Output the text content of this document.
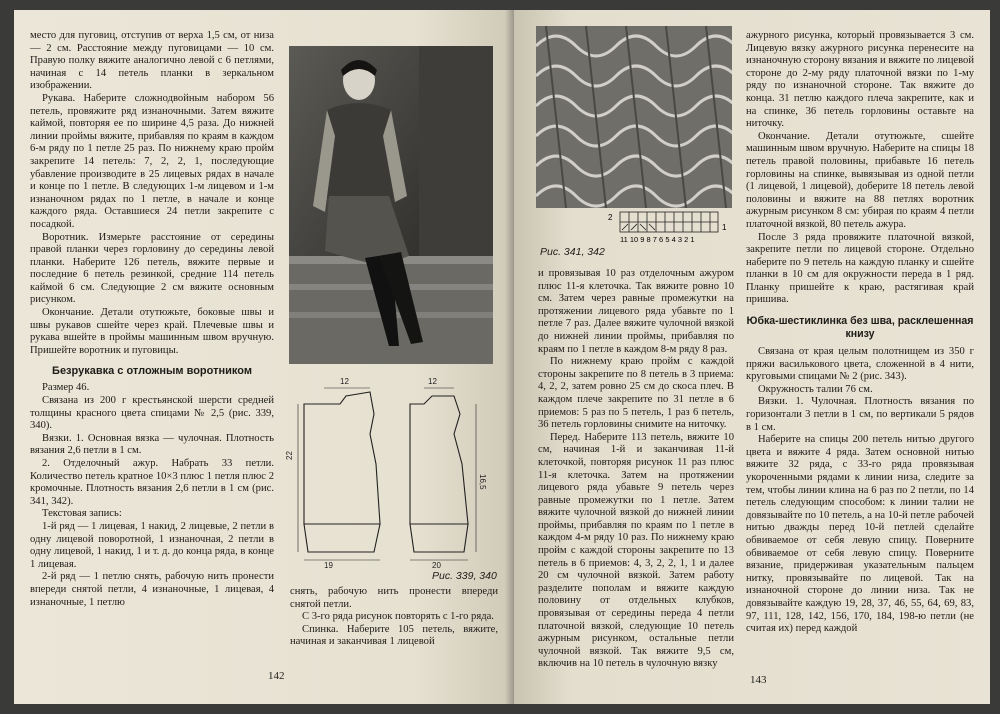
место для пуговиц, отступив от верха 1,5 см, от низа — 2 см. Расстояние между пуговицами — 10 см. Правую полку вяжите аналогично левой с 6 петлями, начиная с 14 петель планки в зеркальном изображении.

Рукава. Наберите сложнодвойным набором 56 петель, провяжите ряд изнаночными. Затем вяжите каймой, повторяя ее по ширине 4,5 раза. До нижней линии проймы вяжите, прибавляя по краям в каждом 6-м ряду по 1 петле 25 раз. По нижнему краю пройм закрепите 14 петель: 7, 2, 2, 1, последующие убавление производите в 25 лицевых рядах в начале и конце по 1 петле. В следующих 1-м лицевом и 1-м изнаночном рядах по 1 петле, в начале и конце каждого ряда. Оставшиеся 24 петли закрепите с посадкой.

Воротник. Измерьте расстояние от середины правой планки через горловину до середины левой планки. Наберите 126 петель, вяжите первые и последние 6 петель резинкой, средние 114 петель каймой 6 см. Следующие 2 см вяжите основным рисунком.

Окончание. Детали отутюжьте, боковые швы и швы рукавов сшейте через край. Плечевые швы и рукава вшейте в проймы машинным швом вручную. Пришейте воротник и пуговицы.

Безрукавка с отложным воротником

Размер 46.

Связана из 200 г крестьянской шерсти средней толщины красного цвета спицами № 2,5 (рис. 339, 340).

Вязки. 1. Основная вязка — чулочная. Плотность вязания 2,6 петли в 1 см.

2. Отделочный ажур. Набрать 33 петли. Количество петель кратное 10×3 плюс 1 петля плюс 2 кромочные. Плотность вязания 2,6 петли в 1 см (рис. 341, 342).

Текстовая запись:

1-й ряд — 1 лицевая, 1 накид, 2 лицевые, 2 петли в одну лицевой поворотной, 1 изнаночная, 2 петли в одну лицевой, 1 накид, 1 и т. д. до конца ряда, в конце 1 лицевая.

2-й ряд — 1 петлю снять, рабочую нить пронести впереди снятой петли, 4 изнаночные, 1 лицевая, 4 изнаночные, 1 петлю

12	12
22
16,5
19	20
Рис. 339, 340

снять, рабочую нить пронести впереди снятой петли.

С 3-го ряда рисунок повторять с 1-го ряда.

Спинка. Наберите 105 петель, вяжите, начиная и заканчивая 1 лицевой

142
2
1
11 10 9 8 7 6 5 4 3 2 1
Рис. 341, 342

и провязывая 10 раз отделочным ажуром плюс 11-я клеточка. Так вяжите ровно 10 см. Затем через равные промежутки на протяжении лицевого ряда убавьте по 1 петле 7 раз. Далее вяжите чулочной вязкой до нижней линии проймы, прибавляя по краям по 1 петле в каждом 8-м ряду 8 раз.

По нижнему краю пройм с каждой стороны закрепите по 8 петель в 3 приема: 4, 2, 2, затем ровно 25 см до скоса плеч. В каждом плече закрепите по 31 петле в 6 приемов: 5 раз по 5 петель, 1 раз 6 петель, 36 петель горловины снимите на ниточку.

Перед. Наберите 113 петель, вяжите 10 см, начиная 1-й и заканчивая 11-й клеточкой, повторяя рисунок 11 раз плюс 11-я клеточка. Затем на протяжении лицевого ряда убавьте 9 петель через равные промежутки по 1 петле. Затем вяжите чулочной вязкой до нижней линии проймы, прибавляя по краям по 1 петле в каждом 4-м ряду 10 раз. По нижнему краю пройм с каждой стороны закрепите по 13 петель в 6 приемов: 4, 3, 2, 2, 1, 1 и далее 20 см чулочной вязкой. Затем работу разделите пополам и вяжите каждую половину от отдельных клубков, провязывая от середины переда 4 петли платочной вязкой, следующие 10 петель ажурным рисунком, остальные петли чулочной вязкой. Так вяжите 9,5 см, включив на 10 петель в чулочную вязку

ажурного рисунка, который провязывается 3 см. Лицевую вязку ажурного рисунка перенесите на изнаночную сторону вязания и вяжите по лицевой стороне до 2-му ряду платочной вязки по 1-му ряду по изнаночной стороне. Так вяжите до конца. 31 петлю каждого плеча закрепите, как и на спинке, 36 петель горловины оставьте на ниточку.

Окончание. Детали отутюжьте, сшейте машинным швом вручную. Наберите на спицы 18 петель правой половины, прибавьте 16 петель горловины на спинке, вывязывая из одной петли (1 лицевой, 1 лицевой), доберите 18 петель левой половины и вяжите на 88 петлях воротник ажурным рисунком 8 см: убирая по краям 4 петли платочной вязкой, 80 петель ажура.

После 3 ряда провяжите платочной вязкой, закрепите петли по лицевой стороне. Отдельно наберите по 9 петель на каждую планку и сшейте планки в 10 см для окружности переда в 1 ряд. Планку пришейте к краю, растягивая край пришива.

Юбка-шестиклинка без шва, расклешенная книзу

Связана от края целым полотнищем из 350 г пряжи василькового цвета, сложенной в 4 нити, круговыми спицами № 2 (рис. 343).

Окружность талии 76 см.

Вязки. 1. Чулочная. Плотность вязания по горизонтали 3 петли в 1 см, по вертикали 5 рядов в 1 см.

Наберите на спицы 200 петель нитью другого цвета и вяжите 4 ряда. Затем основной нитью вяжите 32 ряда, с 33-го ряда провязывая укороченными рядами к линии низа, следите за тем, чтобы линии клина на 6 раз по 2 петли, по 14 петель следующим способом: к линии талии не довязывайте по 10 петель, а на 10-й петле рабочей нитью дважды перед 10-й петлей сделайте обвиваемое от себя левую спицу. Поверните обвиваемое от себя левую спицу. Поверните вязание, придерживая указательным пальцем нитку, провязывайте по лицевой. Так на изнаночной стороне до линии низа. Так не довязывайте каждую 19, 28, 37, 46, 55, 64, 69, 83, 97, 111, 128, 142, 156, 170, 184, 198-ю петли (не считая их) перед каждой

143
